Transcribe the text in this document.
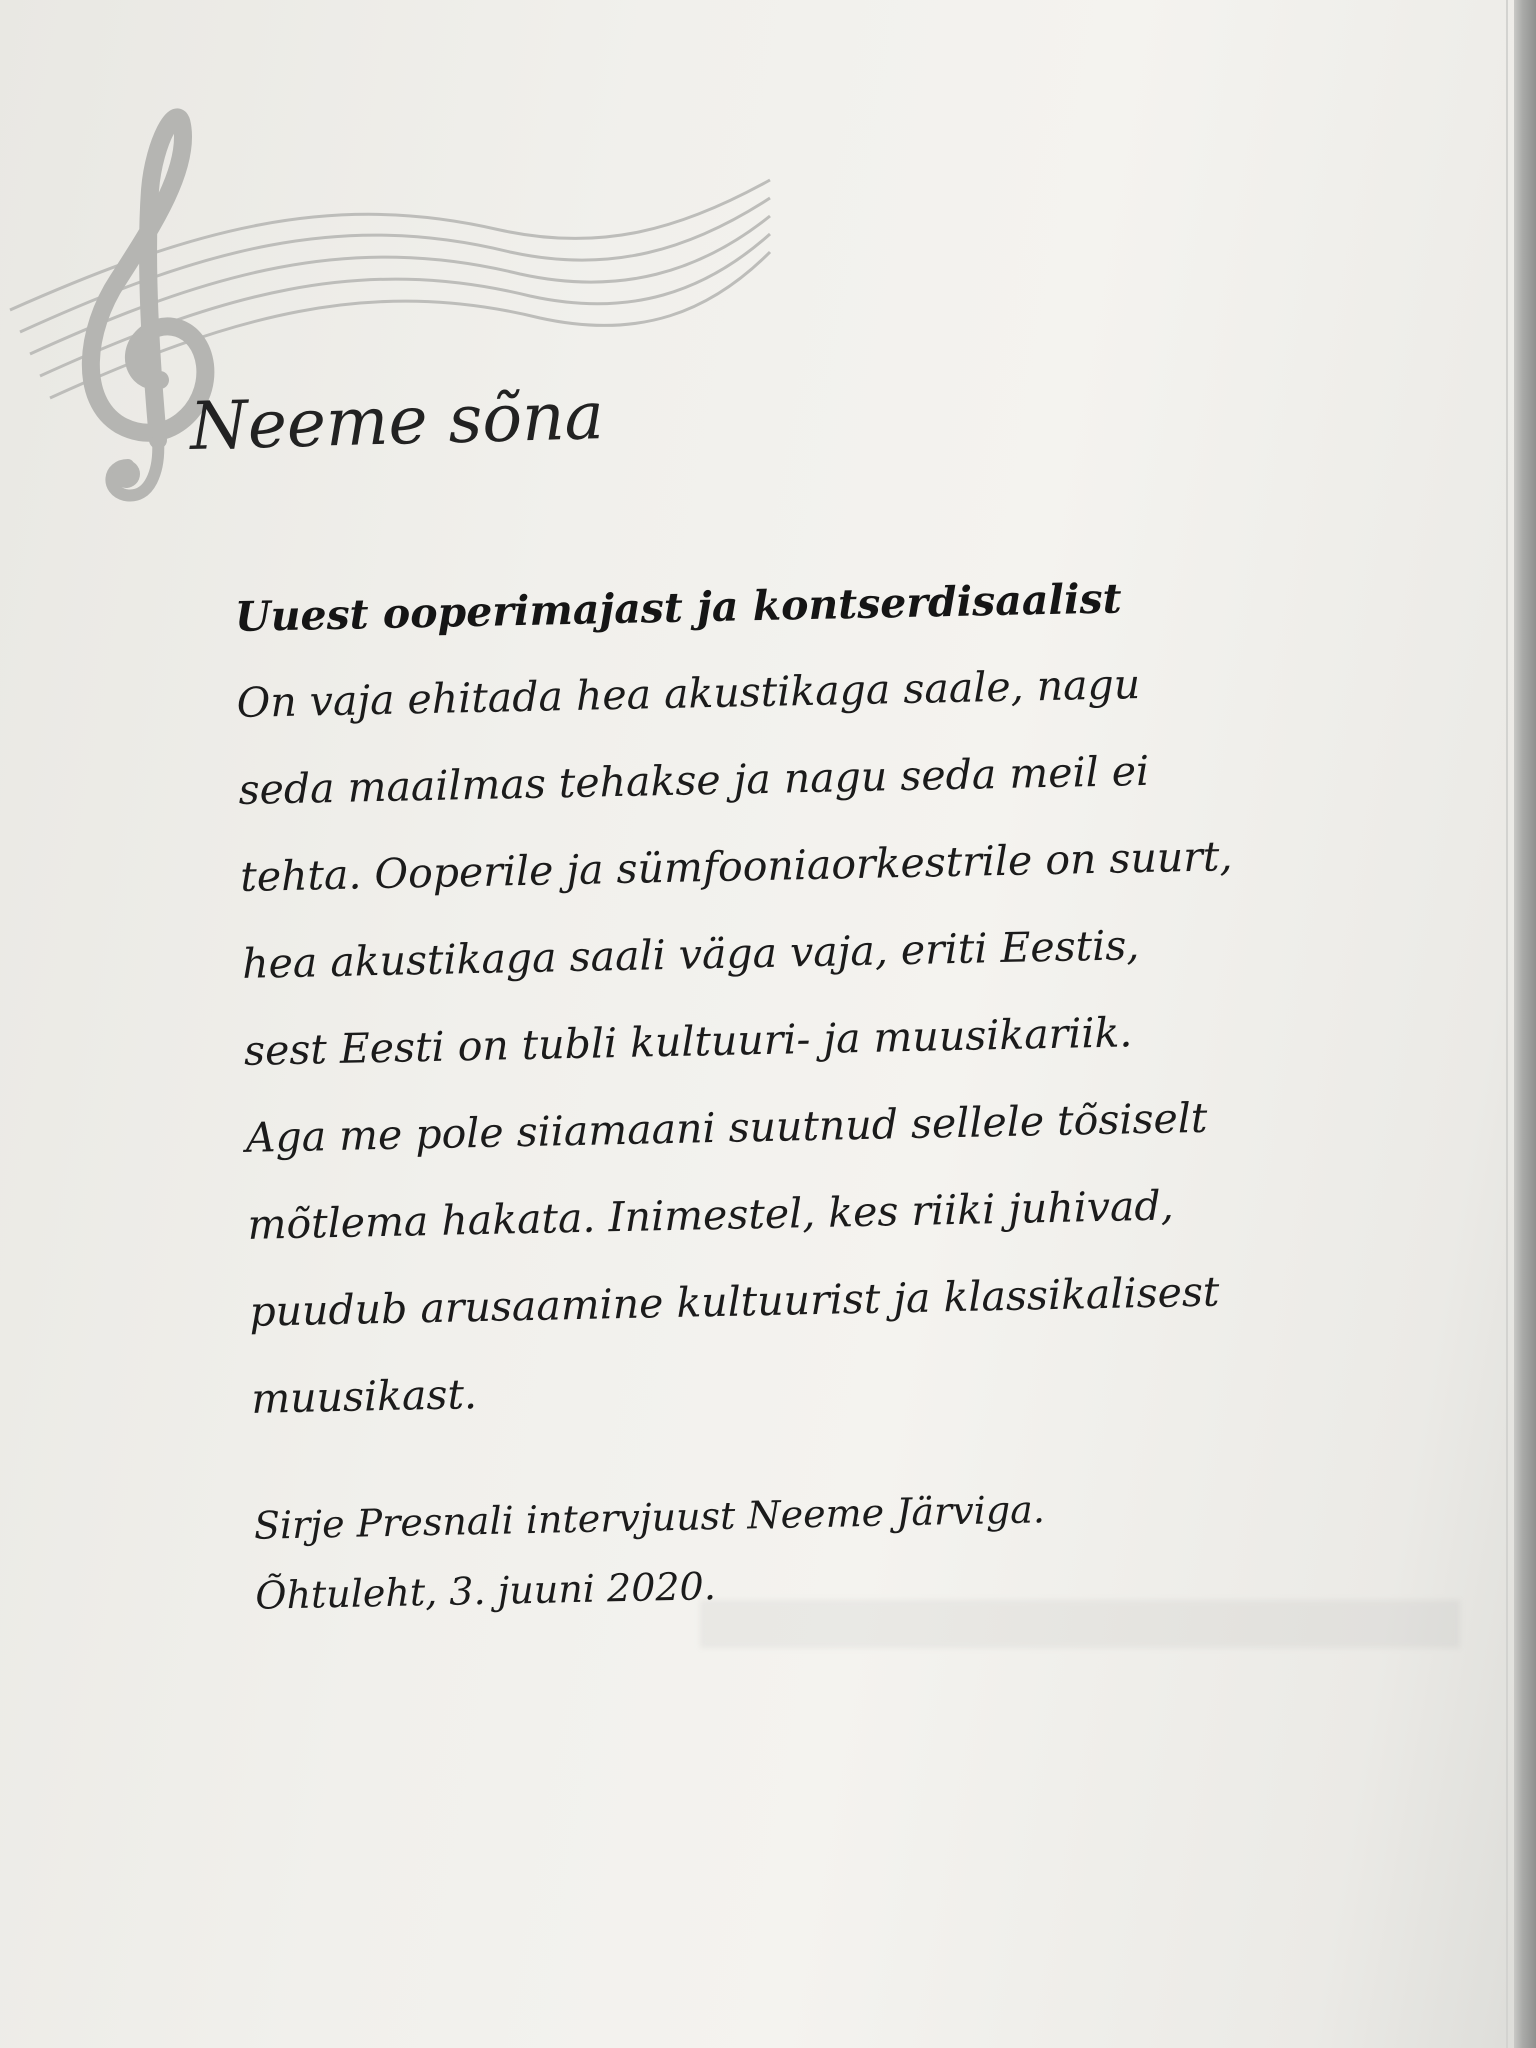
Neeme sõna

Uuest ooperimajast ja kontserdisaalist

On vaja ehitada hea akustikaga saale, nagu
seda maailmas tehakse ja nagu seda meil ei
tehta. Ooperile ja sümfooniaorkestrile on suurt,
hea akustikaga saali väga vaja, eriti Eestis,
sest Eesti on tubli kultuuri- ja muusikariik.
Aga me pole siiamaani suutnud sellele tõsiselt
mõtlema hakata. Inimestel, kes riiki juhivad,
puudub arusaamine kultuurist ja klassikalisest
muusikast.
Sirje Presnali intervjuust Neeme Järviga.
Õhtuleht, 3. juuni 2020.
